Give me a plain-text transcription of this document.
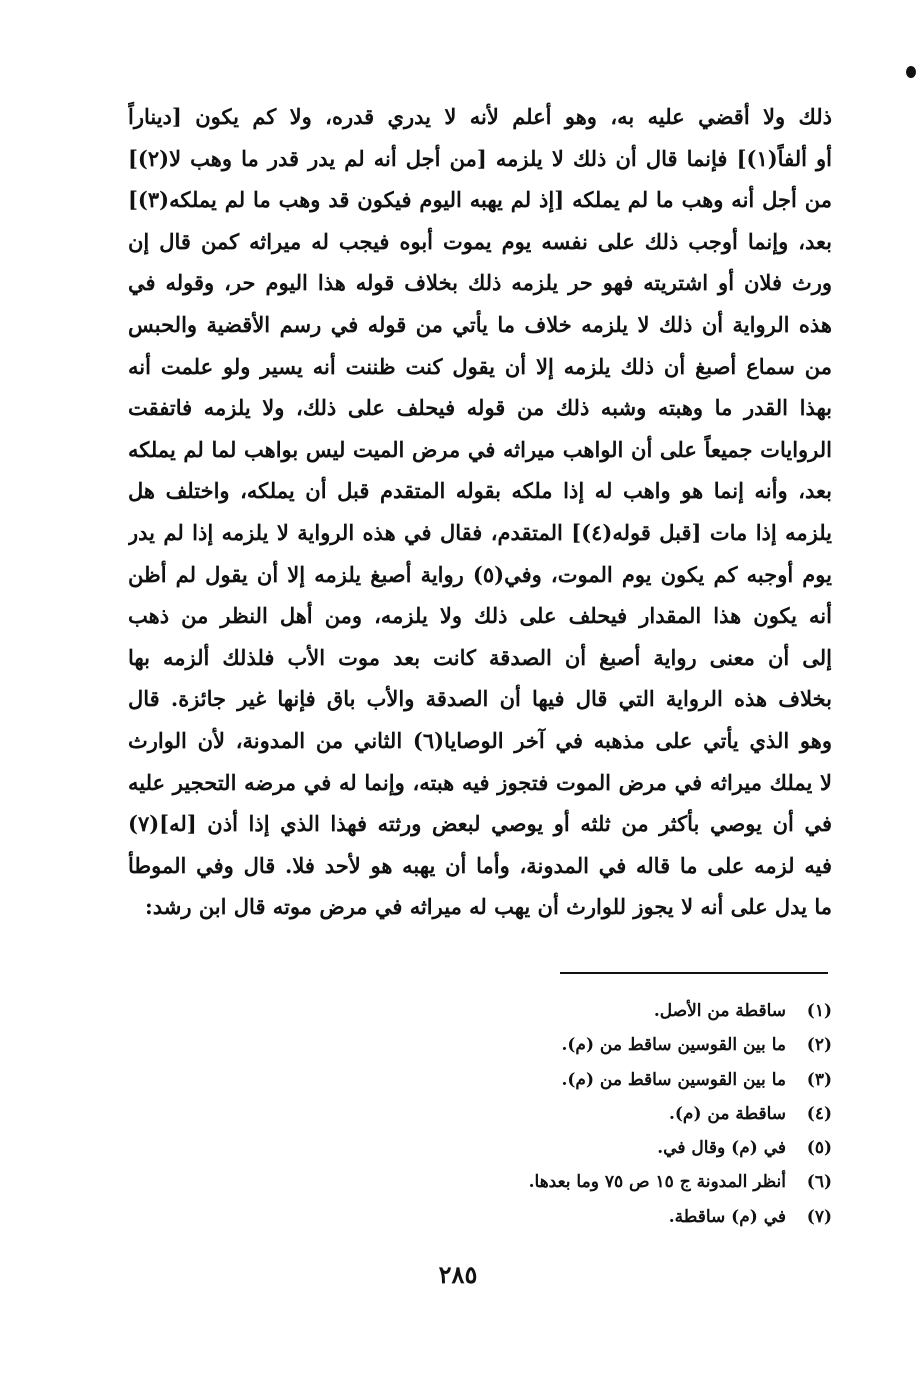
ذلك ولا أقضي عليه به، وهو أعلم لأنه لا يدري قدره، ولا كم يكون [ديناراً
أو ألفاً(١)] فإنما قال أن ذلك لا يلزمه [من أجل أنه لم يدر قدر ما وهب لا(٢)]
من أجل أنه وهب ما لم يملكه [إذ لم يهبه اليوم فيكون قد وهب ما لم يملكه(٣)]
بعد، وإنما أوجب ذلك على نفسه يوم يموت أبوه فيجب له ميراثه كمن قال إن
ورث فلان أو اشتريته فهو حر يلزمه ذلك بخلاف قوله هذا اليوم حر، وقوله في
هذه الرواية أن ذلك لا يلزمه خلاف ما يأتي من قوله في رسم الأقضية والحبس
من سماع أصبغ أن ذلك يلزمه إلا أن يقول كنت ظننت أنه يسير ولو علمت أنه
بهذا القدر ما وهبته وشبه ذلك من قوله فيحلف على ذلك، ولا يلزمه فاتفقت
الروايات جميعاً على أن الواهب ميراثه في مرض الميت ليس بواهب لما لم يملكه
بعد، وأنه إنما هو واهب له إذا ملكه بقوله المتقدم قبل أن يملكه، واختلف هل
يلزمه إذا مات [قبل قوله(٤)] المتقدم، فقال في هذه الرواية لا يلزمه إذا لم يدر
يوم أوجبه كم يكون يوم الموت، وفي(٥) رواية أصبغ يلزمه إلا أن يقول لم أظن
أنه يكون هذا المقدار فيحلف على ذلك ولا يلزمه، ومن أهل النظر من ذهب
إلى أن معنى رواية أصبغ أن الصدقة كانت بعد موت الأب فلذلك ألزمه بها
بخلاف هذه الرواية التي قال فيها أن الصدقة والأب باق فإنها غير جائزة. قال
وهو الذي يأتي على مذهبه في آخر الوصايا(٦) الثاني من المدونة، لأن الوارث
لا يملك ميراثه في مرض الموت فتجوز فيه هبته، وإنما له في مرضه التحجير عليه
في أن يوصي بأكثر من ثلثه أو يوصي لبعض ورثته فهذا الذي إذا أذن [له](٧)
فيه لزمه على ما قاله في المدونة، وأما أن يهبه هو لأحد فلا. قال وفي الموطأ
ما يدل على أنه لا يجوز للوارث أن يهب له ميراثه في مرض موته قال ابن رشد:
(١)
ساقطة من الأصل.
(٢)
ما بين القوسين ساقط من (م).
(٣)
ما بين القوسين ساقط من (م).
(٤)
ساقطة من (م).
(٥)
في (م) وقال في.
(٦)
أنظر المدونة ج ١٥ ص ٧٥ وما بعدها.
(٧)
في (م) ساقطة.
٢٨٥
